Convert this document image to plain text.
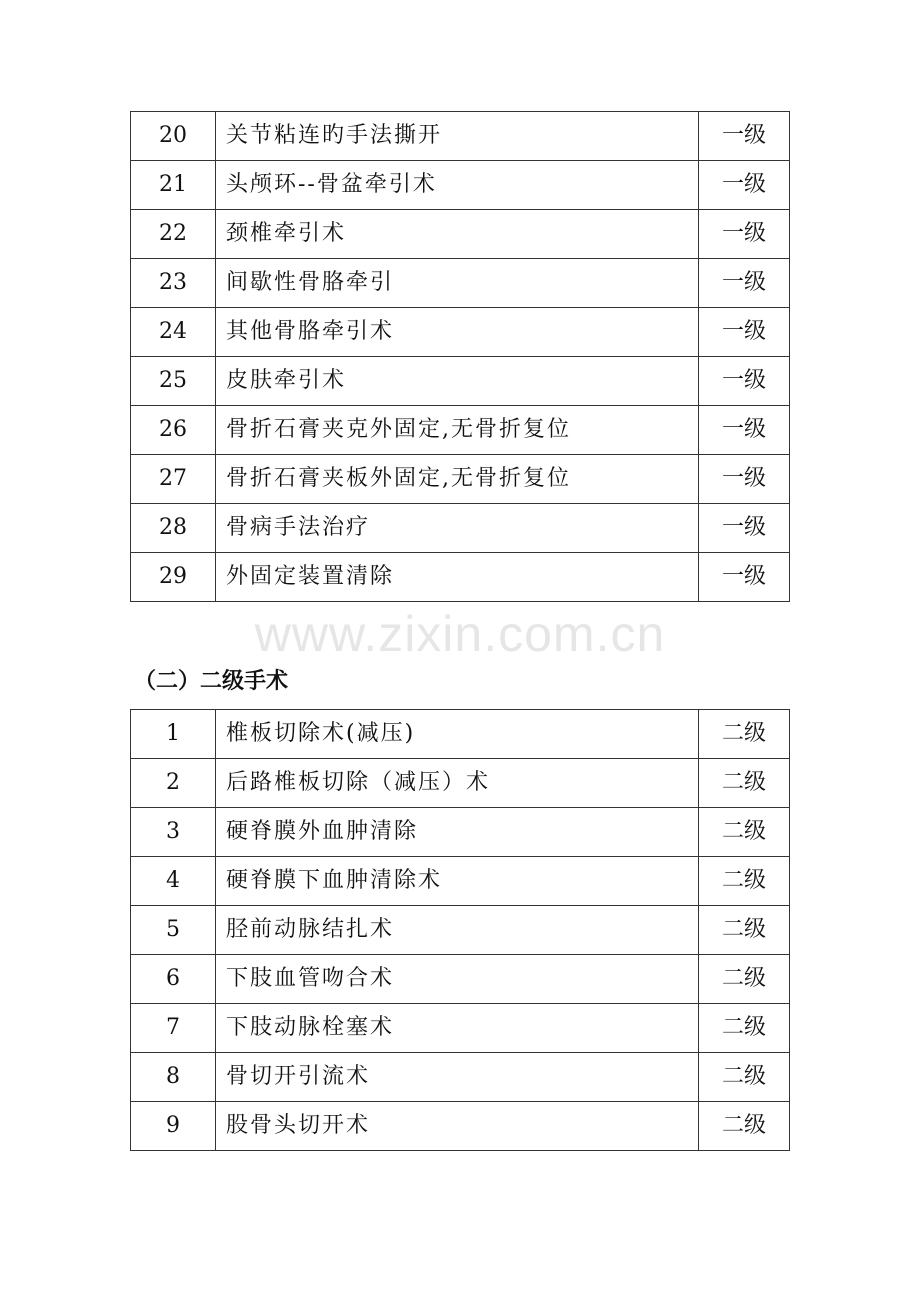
20	关节粘连旳手法撕开	一级
21	头颅环--骨盆牵引术	一级
22	颈椎牵引术	一级
23	间歇性骨胳牵引	一级
24	其他骨胳牵引术	一级
25	皮肤牵引术	一级
26	骨折石膏夹克外固定,无骨折复位	一级
27	骨折石膏夹板外固定,无骨折复位	一级
28	骨病手法治疗	一级
29	外固定装置清除	一级
www.zixin.com.cn
（二）二级手术
1	椎板切除术(减压)	二级
2	后路椎板切除（减压）术	二级
3	硬脊膜外血肿清除	二级
4	硬脊膜下血肿清除术	二级
5	胫前动脉结扎术	二级
6	下肢血管吻合术	二级
7	下肢动脉栓塞术	二级
8	骨切开引流术	二级
9	股骨头切开术	二级
